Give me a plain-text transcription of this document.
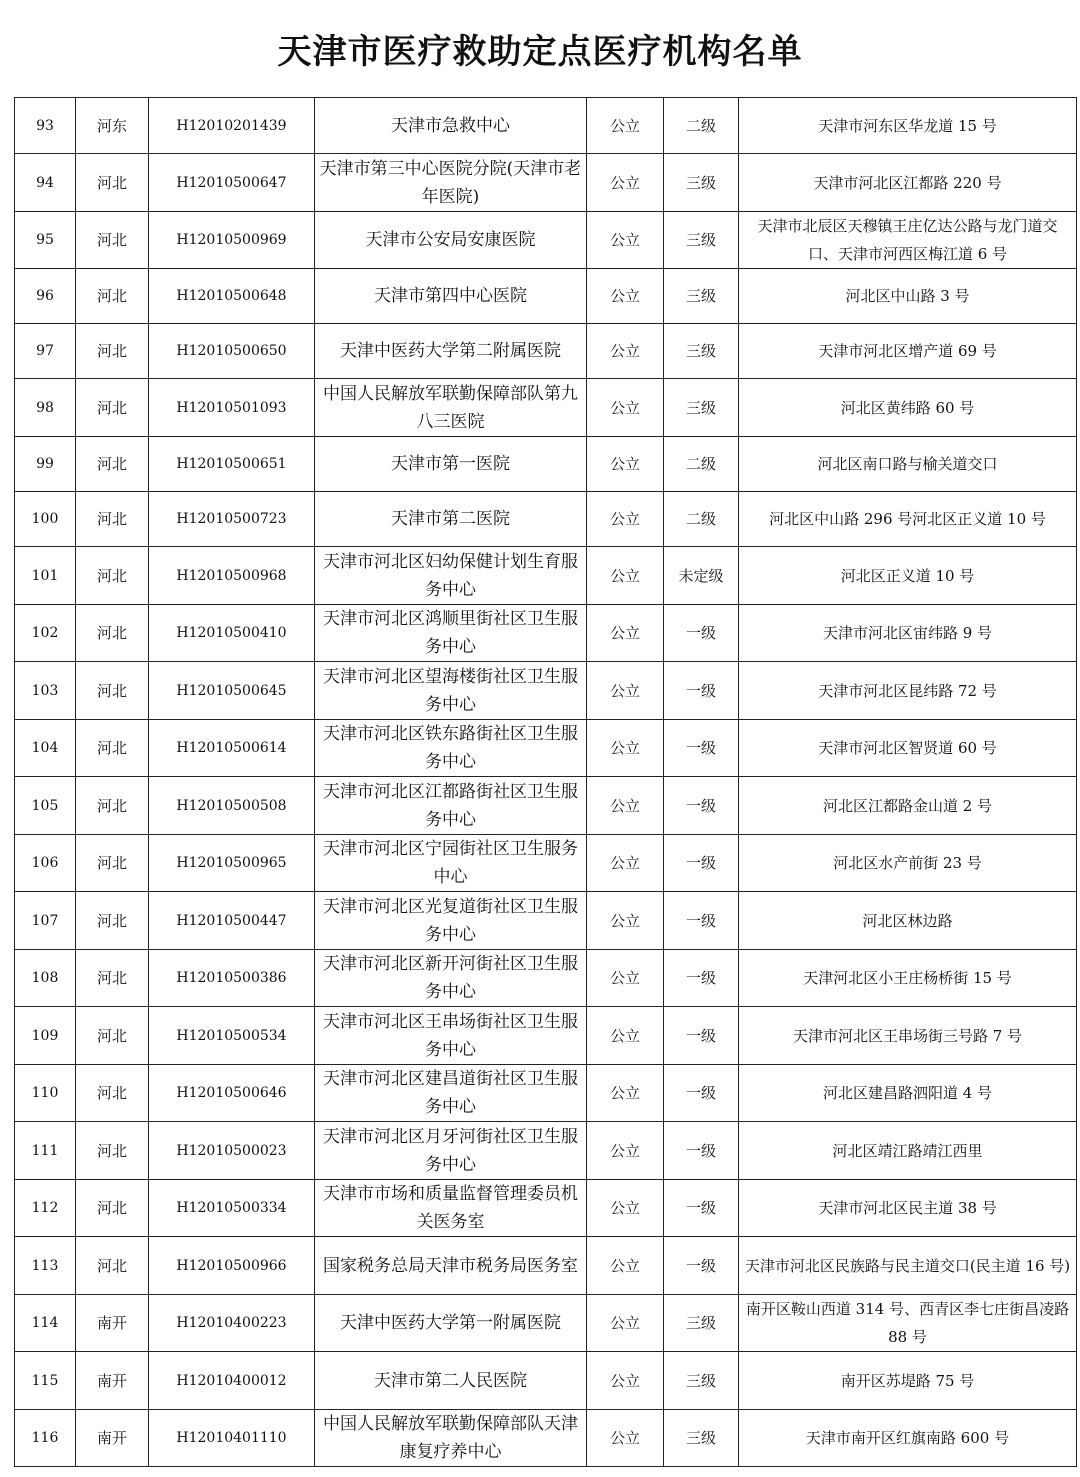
天津市医疗救助定点医疗机构名单
93	河东	H12010201439	天津市急救中心	公立	二级	天津市河东区华龙道 15 号
94	河北	H12010500647	天津市第三中心医院分院(天津市老年医院)	公立	三级	天津市河北区江都路 220 号
95	河北	H12010500969	天津市公安局安康医院	公立	三级	天津市北辰区天穆镇王庄亿达公路与龙门道交口、天津市河西区梅江道 6 号
96	河北	H12010500648	天津市第四中心医院	公立	三级	河北区中山路 3 号
97	河北	H12010500650	天津中医药大学第二附属医院	公立	三级	天津市河北区增产道 69 号
98	河北	H12010501093	中国人民解放军联勤保障部队第九八三医院	公立	三级	河北区黄纬路 60 号
99	河北	H12010500651	天津市第一医院	公立	二级	河北区南口路与榆关道交口
100	河北	H12010500723	天津市第二医院	公立	二级	河北区中山路 296 号河北区正义道 10 号
101	河北	H12010500968	天津市河北区妇幼保健计划生育服务中心	公立	未定级	河北区正义道 10 号
102	河北	H12010500410	天津市河北区鸿顺里街社区卫生服务中心	公立	一级	天津市河北区宙纬路 9 号
103	河北	H12010500645	天津市河北区望海楼街社区卫生服务中心	公立	一级	天津市河北区昆纬路 72 号
104	河北	H12010500614	天津市河北区铁东路街社区卫生服务中心	公立	一级	天津市河北区智贤道 60 号
105	河北	H12010500508	天津市河北区江都路街社区卫生服务中心	公立	一级	河北区江都路金山道 2 号
106	河北	H12010500965	天津市河北区宁园街社区卫生服务中心	公立	一级	河北区水产前街 23 号
107	河北	H12010500447	天津市河北区光复道街社区卫生服务中心	公立	一级	河北区林边路
108	河北	H12010500386	天津市河北区新开河街社区卫生服务中心	公立	一级	天津河北区小王庄杨桥街 15 号
109	河北	H12010500534	天津市河北区王串场街社区卫生服务中心	公立	一级	天津市河北区王串场街三号路 7 号
110	河北	H12010500646	天津市河北区建昌道街社区卫生服务中心	公立	一级	河北区建昌路泗阳道 4 号
111	河北	H12010500023	天津市河北区月牙河街社区卫生服务中心	公立	一级	河北区靖江路靖江西里
112	河北	H12010500334	天津市市场和质量监督管理委员机关医务室	公立	一级	天津市河北区民主道 38 号
113	河北	H12010500966	国家税务总局天津市税务局医务室	公立	一级	天津市河北区民族路与民主道交口(民主道 16 号)
114	南开	H12010400223	天津中医药大学第一附属医院	公立	三级	南开区鞍山西道 314 号、西青区李七庄街昌凌路 88 号
115	南开	H12010400012	天津市第二人民医院	公立	三级	南开区苏堤路 75 号
116	南开	H12010401110	中国人民解放军联勤保障部队天津康复疗养中心	公立	三级	天津市南开区红旗南路 600 号
